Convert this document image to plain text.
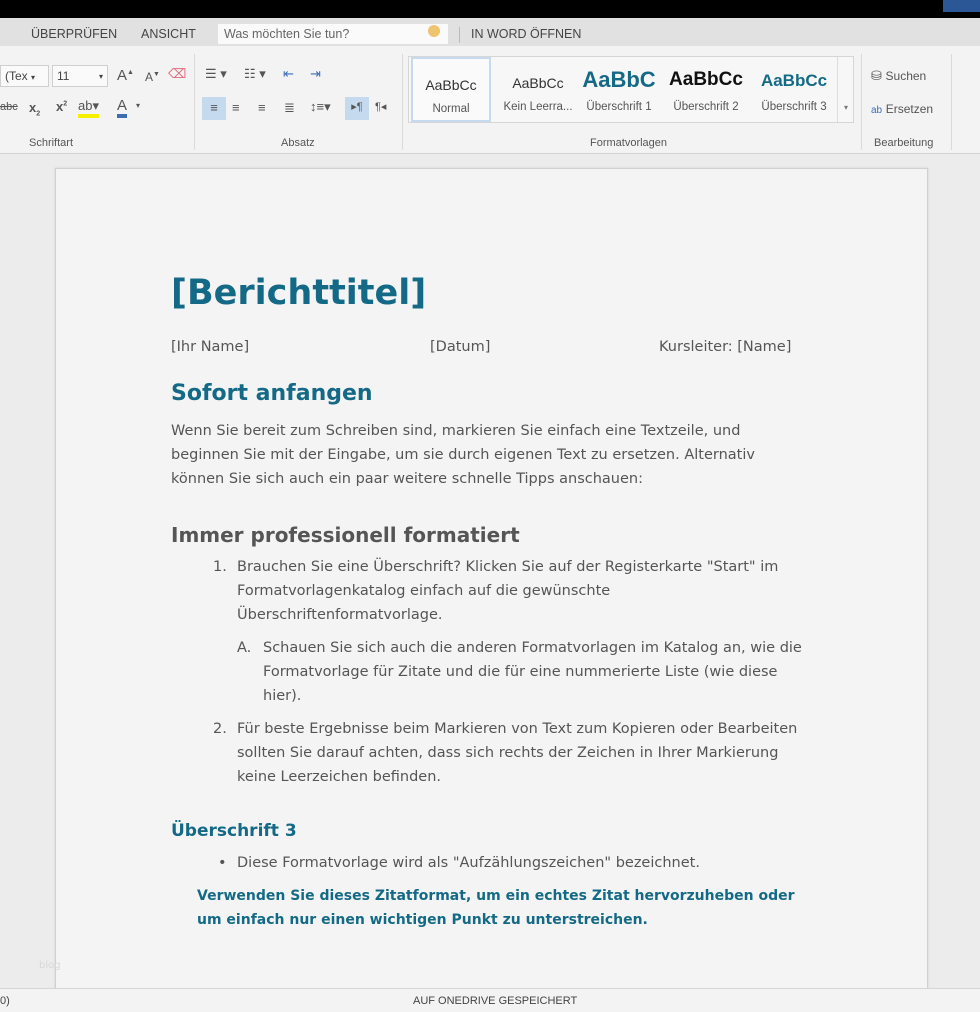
ÜBERPRÜFEN ANSICHT	Was möchten Sie tun?	IN WORD ÖFFNEN
(Tex ▾	11	▾ A▲ A▼ ⌫
abc $x_2$
$x^2$ ab▾ A ▾
Schriftart
☰ ▾ ☷ ▾ ⇤ ⇥
≡	≡ ≡ ≣ ↕≡▾	▸¶	¶◂
Absatz
AaBbCc
Normal
AaBbCc
Kein Leerra...
AaBbC
Überschrift 1
AaBbCc
Überschrift 2
AaBbCc
Überschrift 3	▾
Formatvorlagen
⛁ Suchen
ab Ersetzen
Bearbeitung
[Berichttitel]
[Ihr Name]	[Datum]	Kursleiter: [Name]
Sofort anfangen
Wenn Sie bereit zum Schreiben sind, markieren Sie einfach eine Textzeile, und
beginnen Sie mit der Eingabe, um sie durch eigenen Text zu ersetzen. Alternativ
können Sie sich auch ein paar weitere schnelle Tipps anschauen:
Immer professionell formatiert
1. Brauchen Sie eine Überschrift? Klicken Sie auf der Registerkarte "Start" im
Formatvorlagenkatalog einfach auf die gewünschte
Überschriftenformatvorlage.
A. Schauen Sie sich auch die anderen Formatvorlagen im Katalog an, wie die
Formatvorlage für Zitate und die für eine nummerierte Liste (wie diese
hier).
2. Für beste Ergebnisse beim Markieren von Text zum Kopieren oder Bearbeiten
sollten Sie darauf achten, dass sich rechts der Zeichen in Ihrer Markierung
keine Leerzeichen befinden.
Überschrift 3
• Diese Formatvorlage wird als "Aufzählungszeichen" bezeichnet.
Verwenden Sie dieses Zitatformat, um ein echtes Zitat hervorzuheben oder
um einfach nur einen wichtigen Punkt zu unterstreichen.
blog
0)	AUF ONEDRIVE GESPEICHERT
